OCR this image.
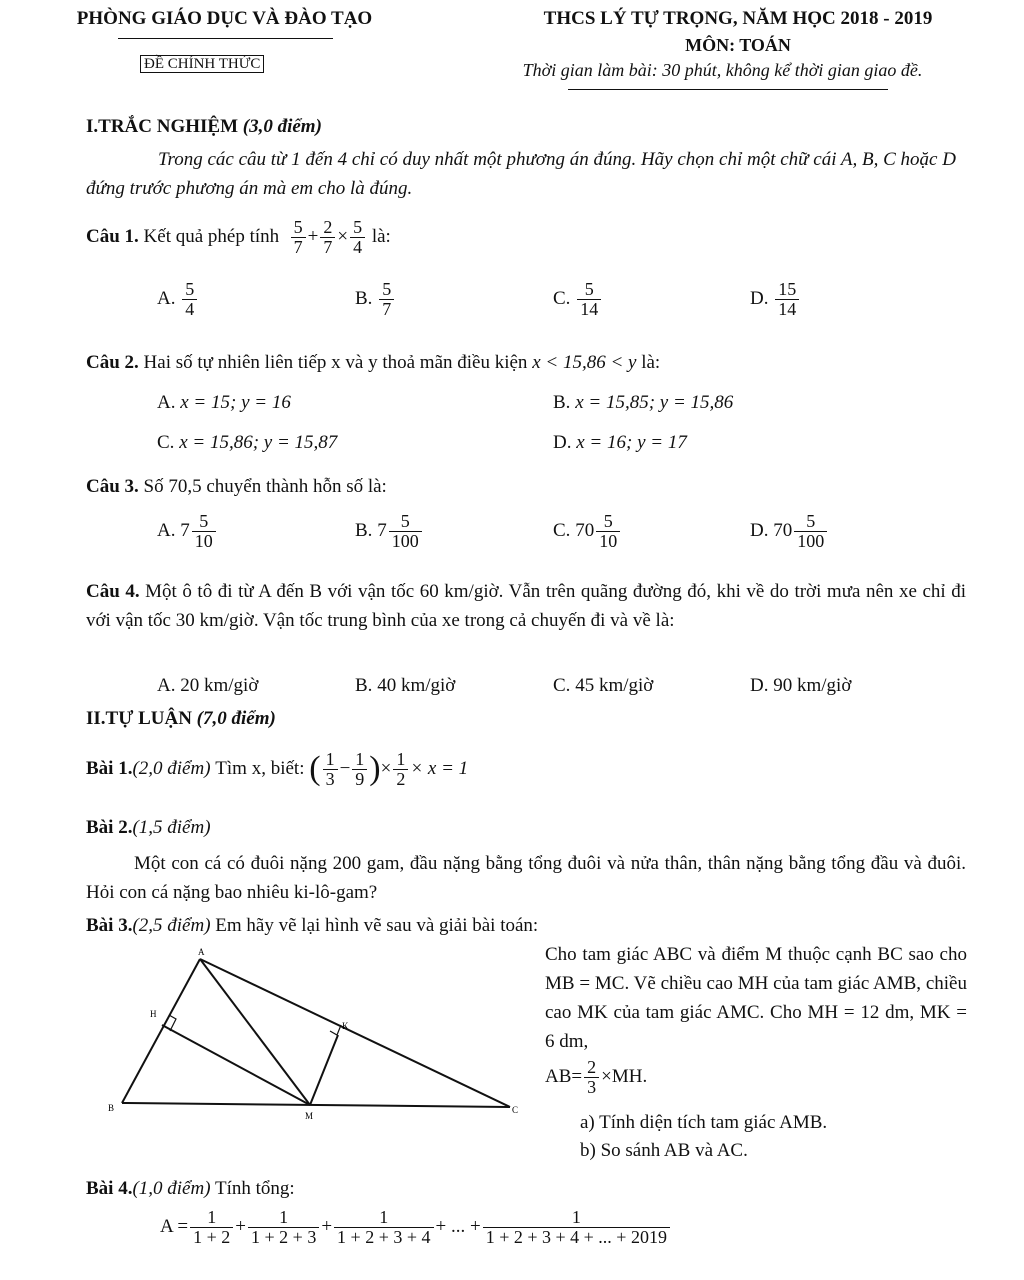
PHÒNG GIÁO DỤC VÀ ĐÀO TẠO
ĐỀ CHÍNH THỨC
THCS LÝ TỰ TRỌNG, NĂM HỌC 2018 - 2019
MÔN: TOÁN
Thời gian làm bài: 30 phút, không kể thời gian giao đề.
I.TRẮC NGHIỆM (3,0 điểm)
Trong các câu từ 1 đến 4 chỉ có duy nhất một phương án đúng. Hãy chọn chỉ một chữ cái A, B, C hoặc D đứng trước phương án mà em cho là đúng.
Câu 1.
Kết quả phép tính
$\frac{5}{7} + \frac{2}{7} \times \frac{5}{4}$
là:
A.
$\frac{5}{4}$	B.
$\frac{5}{7}$	C.
$\frac{5}{14}$	D.
$\frac{15}{14}$
Câu 2. Hai số tự nhiên liên tiếp x và y thoả mãn điều kiện x < 15,86 < y là:
A.
x = 15; y = 16	B.
x = 15,85; y = 15,86
C.
x = 15,86; y = 15,87	D.
x = 16; y = 17
Câu 3. Số 70,5 chuyển thành hỗn số là:
A.
$7 \frac{5}{10}$	B.
$7 \frac{5}{100}$	C.
$70 \frac{5}{10}$	D.
$70 \frac{5}{100}$
Câu 4. Một ô tô đi từ A đến B với vận tốc 60 km/giờ. Vẫn trên quãng đường đó, khi về do trời mưa nên xe chỉ đi với vận tốc 30 km/giờ. Vận tốc trung bình của xe trong cả chuyến đi và về là:
A.
20 km/giờ	B.
40 km/giờ	C.
45 km/giờ	D.
90 km/giờ
II.TỰ LUẬN (7,0 điểm)
Bài 1. (2,0 điểm)
Tìm x, biết:
( $\frac{1}{3} - \frac{1}{9}$ ) × $\frac{1}{2} \times x = 1$
Bài 2.(1,5 điểm)
Một con cá có đuôi nặng 200 gam, đầu nặng bằng tổng đuôi và nửa thân, thân nặng bằng tổng đầu và đuôi. Hỏi con cá nặng bao nhiêu ki-lô-gam?
Bài 3.(2,5 điểm) Em hãy vẽ lại hình vẽ sau và giải bài toán:
A
H
K
B
M
C
Cho tam giác ABC và điểm M thuộc cạnh BC sao cho MB = MC. Vẽ chiều cao MH của tam giác AMB, chiều cao MK của tam giác AMC. Cho MH = 12 dm, MK = 6 dm,
$AB= \frac{2}{3} \times MH$.
a) Tính diện tích tam giác AMB.
b) So sánh AB và AC.
Bài 4.(1,0 điểm) Tính tổng:
$A = \frac{1}{1 + 2} + \frac{1}{1 + 2 + 3} + \frac{1}{1 + 2 + 3 + 4}$ + ... + $\frac{1}{1 + 2 + 3 + 4 + ... + 2019}$
